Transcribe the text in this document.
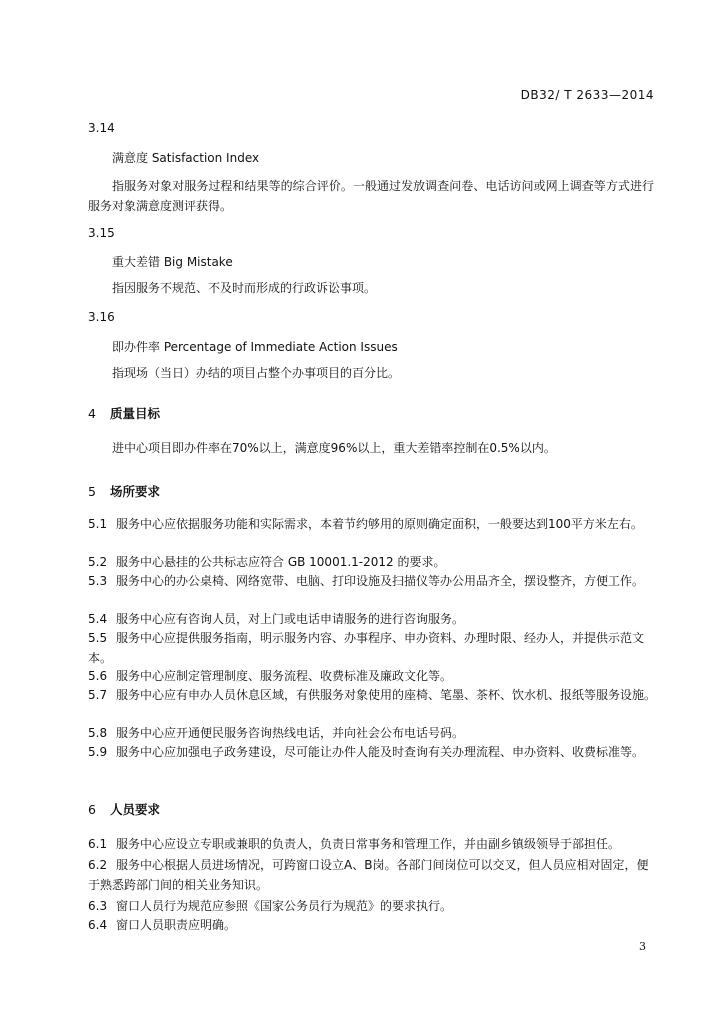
DB32/ T 2633—2014
3.14
满意度 Satisfaction Index
指服务对象对服务过程和结果等的综合评价。一般通过发放调查问卷、电话访问或网上调查等方式进行服务对象满意度测评获得。
3.15
重大差错 Big Mistake
指因服务不规范、不及时而形成的行政诉讼事项。
3.16
即办件率 Percentage of Immediate Action Issues
指现场（当日）办结的项目占整个办事项目的百分比。
4 质量目标
进中心项目即办件率在70%以上，满意度96%以上，重大差错率控制在0.5%以内。
5 场所要求
5.1 服务中心应依据服务功能和实际需求，本着节约够用的原则确定面积，一般要达到100平方米左右。
5.2 服务中心悬挂的公共标志应符合 GB 10001.1-2012 的要求。
5.3 服务中心的办公桌椅、网络宽带、电脑、打印设施及扫描仪等办公用品齐全，摆设整齐，方便工作。
5.4 服务中心应有咨询人员，对上门或电话申请服务的进行咨询服务。
5.5 服务中心应提供服务指南，明示服务内容、办事程序、申办资料、办理时限、经办人，并提供示范文本。
5.6 服务中心应制定管理制度、服务流程、收费标准及廉政文化等。
5.7 服务中心应有申办人员休息区域，有供服务对象使用的座椅、笔墨、茶杯、饮水机、报纸等服务设施。
5.8 服务中心应开通便民服务咨询热线电话，并向社会公布电话号码。
5.9 服务中心应加强电子政务建设，尽可能让办件人能及时查询有关办理流程、申办资料、收费标准等。
6 人员要求
6.1 服务中心应设立专职或兼职的负责人，负责日常事务和管理工作，并由副乡镇级领导于部担任。
6.2 服务中心根据人员进场情况，可跨窗口设立A、B岗。各部门间岗位可以交叉，但人员应相对固定，便于熟悉跨部门间的相关业务知识。
6.3 窗口人员行为规范应参照《国家公务员行为规范》的要求执行。
6.4 窗口人员职责应明确。
3
